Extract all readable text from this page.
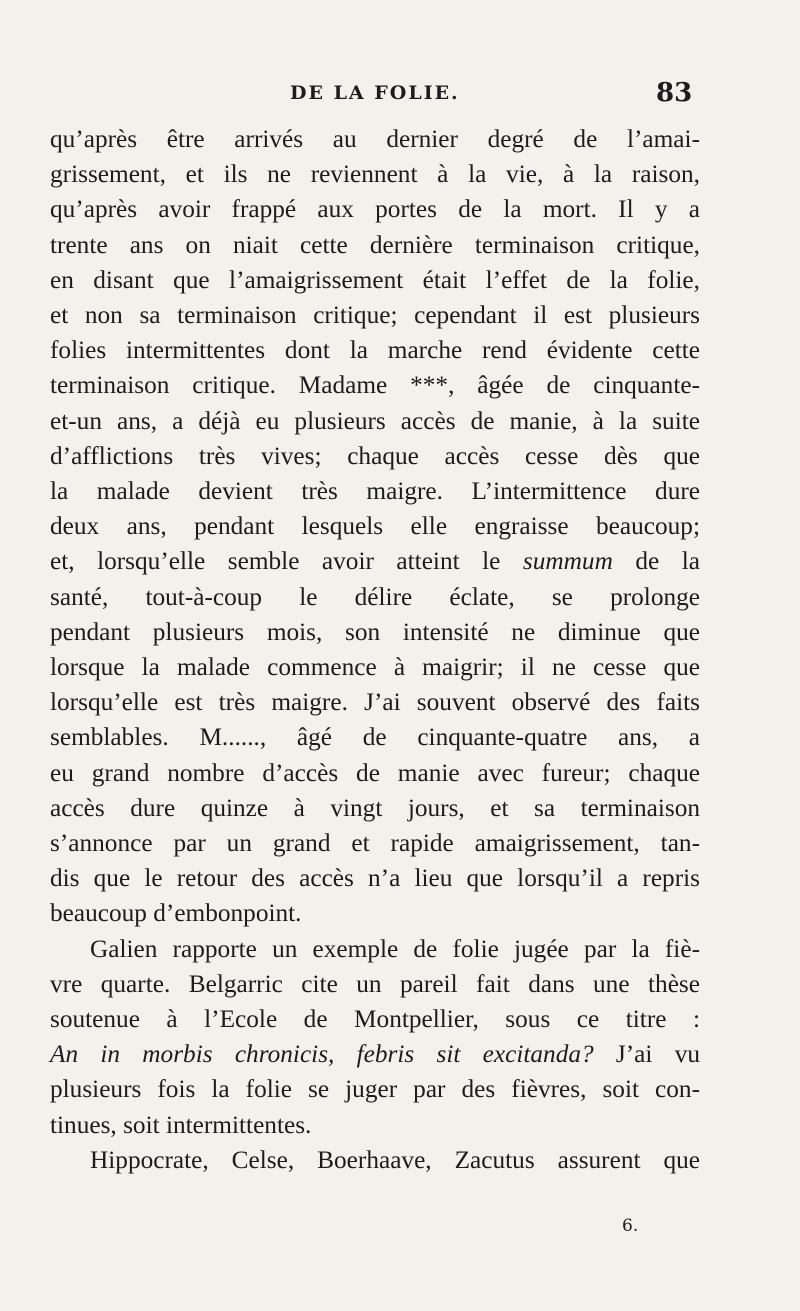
DE LA FOLIE.	83

qu’après être arrivés au dernier degré de l’amai-
grissement, et ils ne reviennent à la vie, à la raison,
qu’après avoir frappé aux portes de la mort. Il y a
trente ans on niait cette dernière terminaison critique,
en disant que l’amaigrissement était l’effet de la folie,
et non sa terminaison critique; cependant il est plusieurs
folies intermittentes dont la marche rend évidente cette
terminaison critique. Madame ***, âgée de cinquante-
et-un ans, a déjà eu plusieurs accès de manie, à la suite
d’afflictions très vives; chaque accès cesse dès que
la malade devient très maigre. L’intermittence dure
deux ans, pendant lesquels elle engraisse beaucoup;
et, lorsqu’elle semble avoir atteint le summum de la
santé, tout-à-coup le délire éclate, se prolonge
pendant plusieurs mois, son intensité ne diminue que
lorsque la malade commence à maigrir; il ne cesse que
lorsqu’elle est très maigre. J’ai souvent observé des faits
semblables. M......, âgé de cinquante-quatre ans, a
eu grand nombre d’accès de manie avec fureur; chaque
accès dure quinze à vingt jours, et sa terminaison
s’annonce par un grand et rapide amaigrissement, tan-
dis que le retour des accès n’a lieu que lorsqu’il a repris
beaucoup d’embonpoint.

Galien rapporte un exemple de folie jugée par la fiè-
vre quarte. Belgarric cite un pareil fait dans une thèse
soutenue à l’Ecole de Montpellier, sous ce titre :
An in morbis chronicis, febris sit excitanda? J’ai vu
plusieurs fois la folie se juger par des fièvres, soit con-
tinues, soit intermittentes.

Hippocrate, Celse, Boerhaave, Zacutus assurent que

6.
